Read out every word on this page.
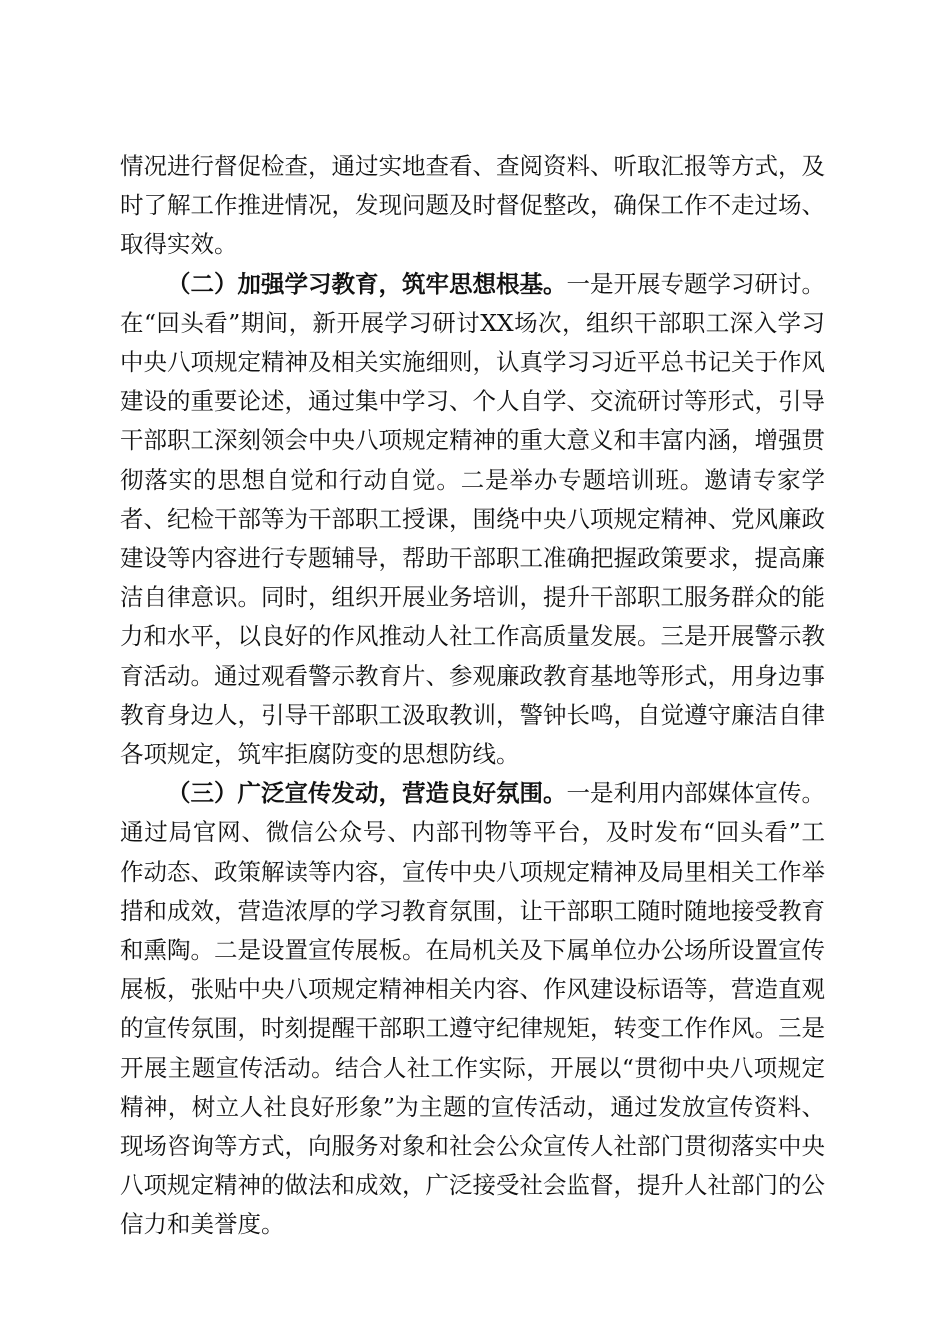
情况进行督促检查，通过实地查看、查阅资料、听取汇报等方式，及时了解工作推进情况，发现问题及时督促整改，确保工作不走过场、取得实效。

（二）加强学习教育，筑牢思想根基。一是开展专题学习研讨。在“回头看”期间，新开展学习研讨XX场次，组织干部职工深入学习中央八项规定精神及相关实施细则，认真学习习近平总书记关于作风建设的重要论述，通过集中学习、个人自学、交流研讨等形式，引导干部职工深刻领会中央八项规定精神的重大意义和丰富内涵，增强贯彻落实的思想自觉和行动自觉。二是举办专题培训班。邀请专家学者、纪检干部等为干部职工授课，围绕中央八项规定精神、党风廉政建设等内容进行专题辅导，帮助干部职工准确把握政策要求，提高廉洁自律意识。同时，组织开展业务培训，提升干部职工服务群众的能力和水平，以良好的作风推动人社工作高质量发展。三是开展警示教育活动。通过观看警示教育片、参观廉政教育基地等形式，用身边事教育身边人，引导干部职工汲取教训，警钟长鸣，自觉遵守廉洁自律各项规定，筑牢拒腐防变的思想防线。

（三）广泛宣传发动，营造良好氛围。一是利用内部媒体宣传。通过局官网、微信公众号、内部刊物等平台，及时发布“回头看”工作动态、政策解读等内容，宣传中央八项规定精神及局里相关工作举措和成效，营造浓厚的学习教育氛围，让干部职工随时随地接受教育和熏陶。二是设置宣传展板。在局机关及下属单位办公场所设置宣传展板，张贴中央八项规定精神相关内容、作风建设标语等，营造直观的宣传氛围，时刻提醒干部职工遵守纪律规矩，转变工作作风。三是开展主题宣传活动。结合人社工作实际，开展以“贯彻中央八项规定精神，树立人社良好形象”为主题的宣传活动，通过发放宣传资料、现场咨询等方式，向服务对象和社会公众宣传人社部门贯彻落实中央八项规定精神的做法和成效，广泛接受社会监督，提升人社部门的公信力和美誉度。
